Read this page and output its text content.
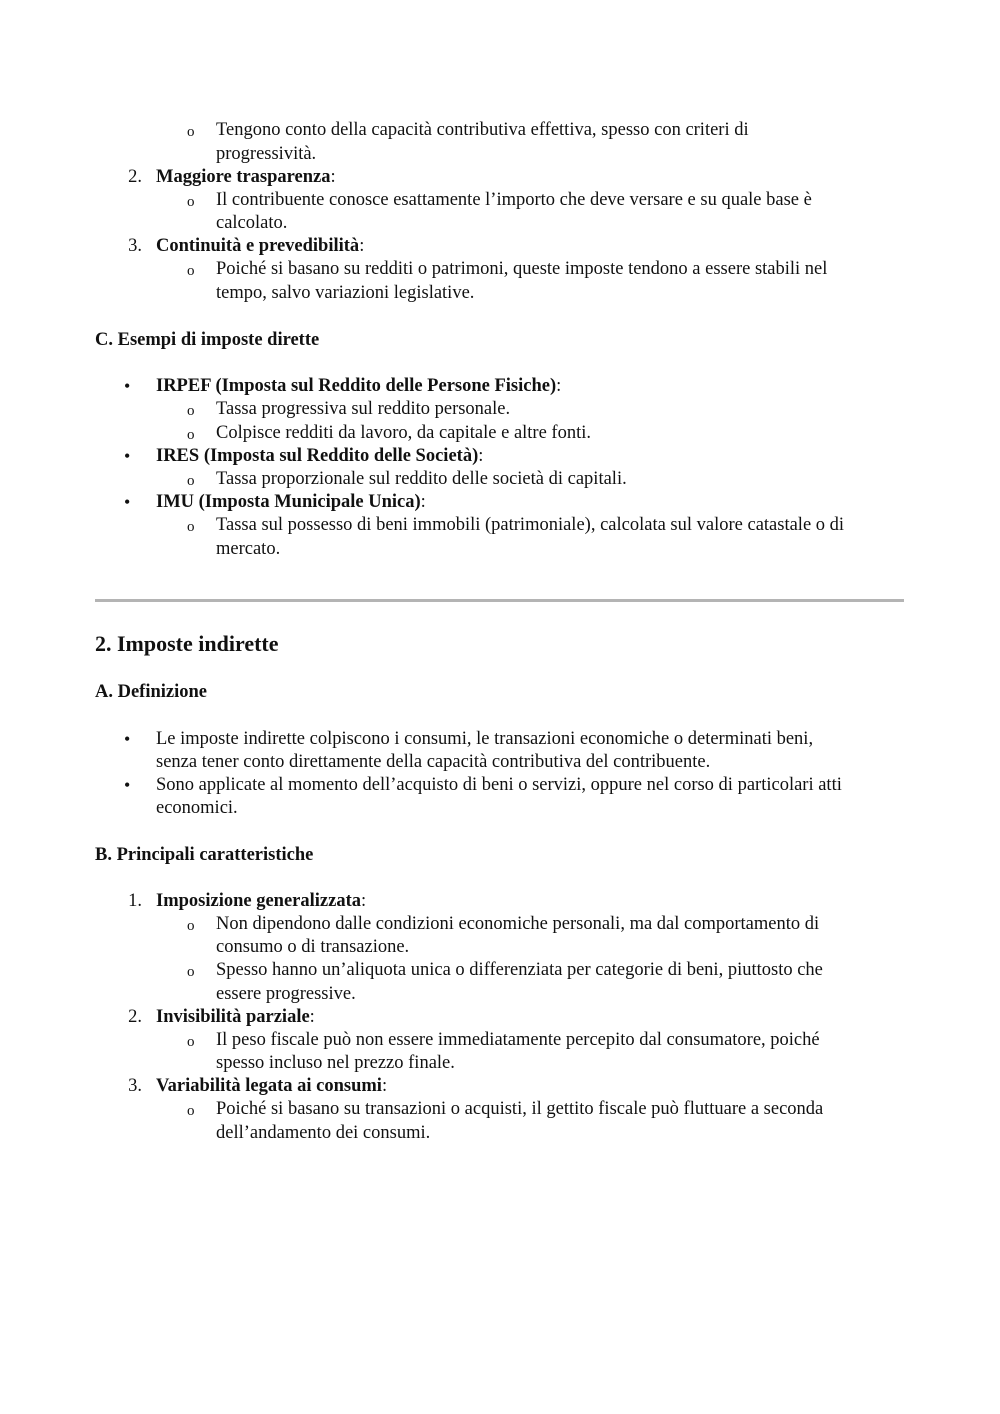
o Tengono conto della capacità contributiva effettiva, spesso con criteri di
progressività.
2. Maggiore trasparenza:
o Il contribuente conosce esattamente l’importo che deve versare e su quale base è
calcolato.
3. Continuità e prevedibilità:
o Poiché si basano su redditi o patrimoni, queste imposte tendono a essere stabili nel
tempo, salvo variazioni legislative.
C. Esempi di imposte dirette
• IRPEF (Imposta sul Reddito delle Persone Fisiche):
o Tassa progressiva sul reddito personale.
o Colpisce redditi da lavoro, da capitale e altre fonti.
• IRES (Imposta sul Reddito delle Società):
o Tassa proporzionale sul reddito delle società di capitali.
• IMU (Imposta Municipale Unica):
o Tassa sul possesso di beni immobili (patrimoniale), calcolata sul valore catastale o di
mercato.
2. Imposte indirette
A. Definizione
• Le imposte indirette colpiscono i consumi, le transazioni economiche o determinati beni,
senza tener conto direttamente della capacità contributiva del contribuente.
• Sono applicate al momento dell’acquisto di beni o servizi, oppure nel corso di particolari atti
economici.
B. Principali caratteristiche
1. Imposizione generalizzata:
o Non dipendono dalle condizioni economiche personali, ma dal comportamento di
consumo o di transazione.
o Spesso hanno un’aliquota unica o differenziata per categorie di beni, piuttosto che
essere progressive.
2. Invisibilità parziale:
o Il peso fiscale può non essere immediatamente percepito dal consumatore, poiché
spesso incluso nel prezzo finale.
3. Variabilità legata ai consumi:
o Poiché si basano su transazioni o acquisti, il gettito fiscale può fluttuare a seconda
dell’andamento dei consumi.
